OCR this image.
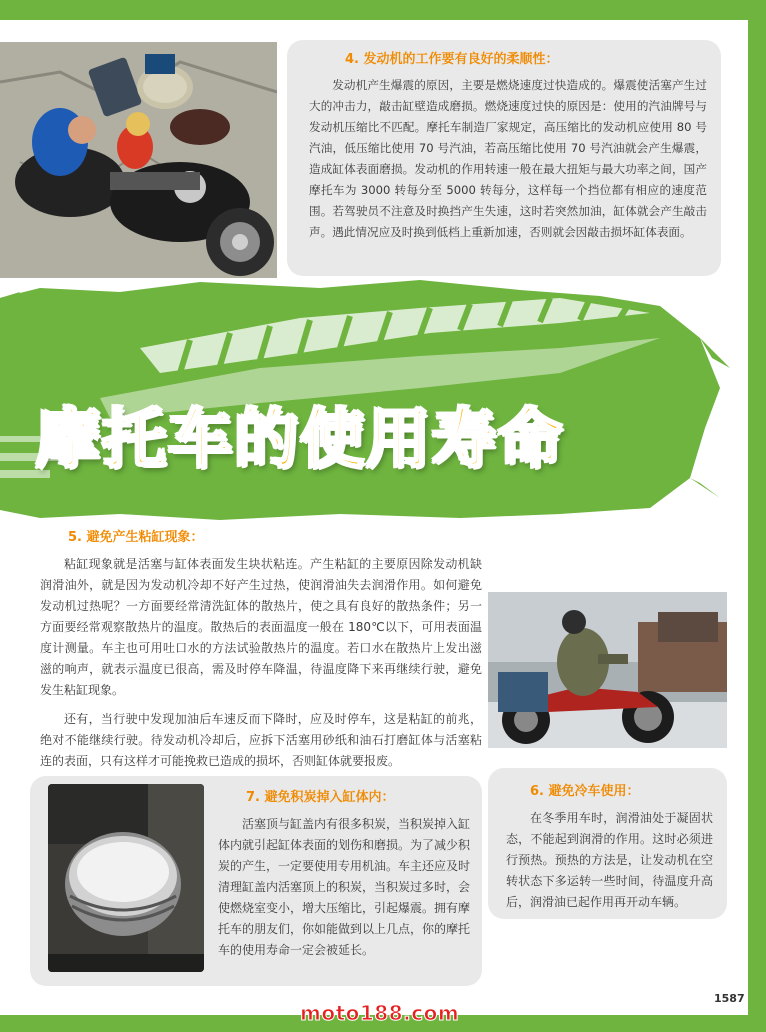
4. 发动机的工作要有良好的柔顺性：
发动机产生爆震的原因，主要是燃烧速度过快造成的。爆震使活塞产生过大的冲击力，敲击缸壁造成磨损。燃烧速度过快的原因是：使用的汽油牌号与发动机压缩比不匹配。摩托车制造厂家规定，高压缩比的发动机应使用 80 号汽油，低压缩比使用 70 号汽油，若高压缩比使用 70 号汽油就会产生爆震，造成缸体表面磨损。发动机的作用转速一般在最大扭矩与最大功率之间，国产摩托车为 3000 转每分至 5000 转每分，这样每一个挡位都有相应的速度范围。若驾驶员不注意及时换挡产生失速，这时若突然加油，缸体就会产生敲击声。遇此情况应及时换到低档上重新加速，否则就会因敲击损坏缸体表面。
摩托车的使用寿命
5. 避免产生粘缸现象：
粘缸现象就是活塞与缸体表面发生块状粘连。产生粘缸的主要原因除发动机缺润滑油外，就是因为发动机冷却不好产生过热，使润滑油失去润滑作用。如何避免发动机过热呢？一方面要经常清洗缸体的散热片，使之具有良好的散热条件；另一方面要经常观察散热片的温度。散热后的表面温度一般在 180℃以下，可用表面温度计测量。车主也可用吐口水的方法试验散热片的温度。若口水在散热片上发出滋滋的响声，就表示温度已很高，需及时停车降温，待温度降下来再继续行驶，避免发生粘缸现象。
还有，当行驶中发现加油后车速反而下降时，应及时停车，这是粘缸的前兆，绝对不能继续行驶。待发动机冷却后，应拆下活塞用砂纸和油石打磨缸体与活塞粘连的表面，只有这样才可能挽救已造成的损坏，否则缸体就要报废。
6. 避免冷车使用：
在冬季用车时，润滑油处于凝固状态，不能起到润滑的作用。这时必须进行预热。预热的方法是，让发动机在空转状态下多运转一些时间，待温度升高后，润滑油已起作用再开动车辆。
7. 避免积炭掉入缸体内：
活塞顶与缸盖内有很多积炭，当积炭掉入缸体内就引起缸体表面的划伤和磨损。为了减少积炭的产生，一定要使用专用机油。车主还应及时清理缸盖内活塞顶上的积炭，当积炭过多时，会使燃烧室变小，增大压缩比，引起爆震。拥有摩托车的朋友们，你如能做到以上几点，你的摩托车的使用寿命一定会被延长。
1587
moto188.com
